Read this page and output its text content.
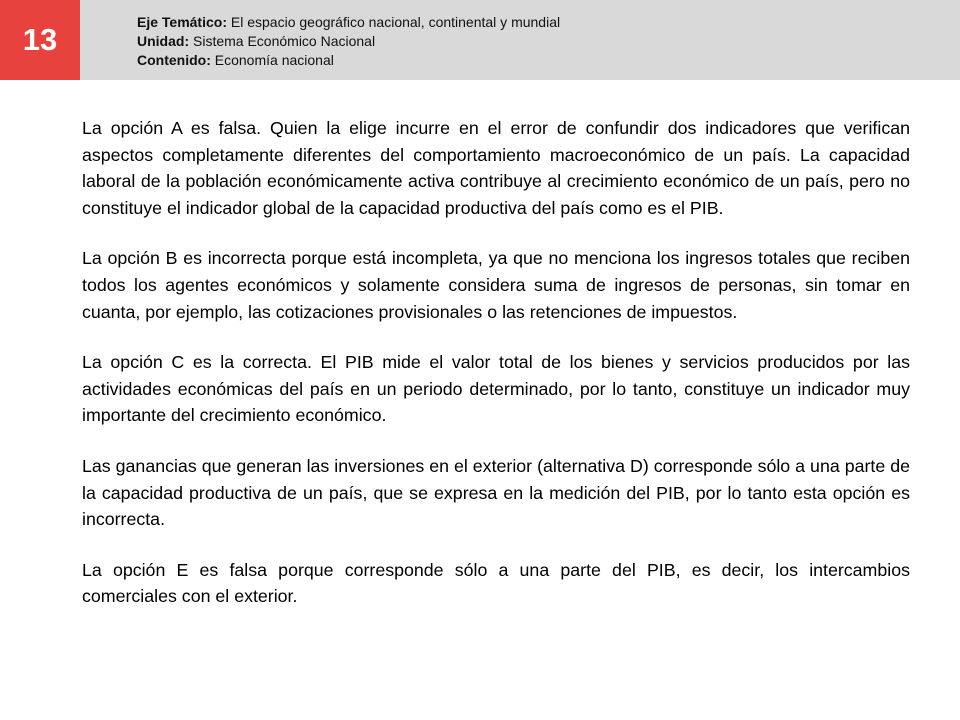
13	Eje Temático: El espacio geográfico nacional, continental y mundial
Unidad: Sistema Económico Nacional
Contenido: Economía nacional

La opción A es falsa. Quien la elige incurre en el error de confundir dos indicadores que verifican aspectos completamente diferentes del comportamiento macroeconómico de un país. La capacidad laboral de la población económicamente activa contribuye al crecimiento económico de un país, pero no constituye el indicador global de la capacidad productiva del país como es el PIB.

La opción B es incorrecta porque está incompleta, ya que no menciona los ingresos totales que reciben todos los agentes económicos y solamente considera suma de ingresos de personas, sin tomar en cuanta, por ejemplo, las cotizaciones provisionales o las retenciones de impuestos.

La opción C es la correcta. El PIB mide el valor total de los bienes y servicios producidos por las actividades económicas del país en un periodo determinado, por lo tanto, constituye un indicador muy importante del crecimiento económico.

Las ganancias que generan las inversiones en el exterior (alternativa D) corresponde sólo a una parte de la capacidad productiva de un país, que se expresa en la medición del PIB, por lo tanto esta opción es incorrecta.

La opción E es falsa porque corresponde sólo a una parte del PIB, es decir, los intercambios comerciales con el exterior.
